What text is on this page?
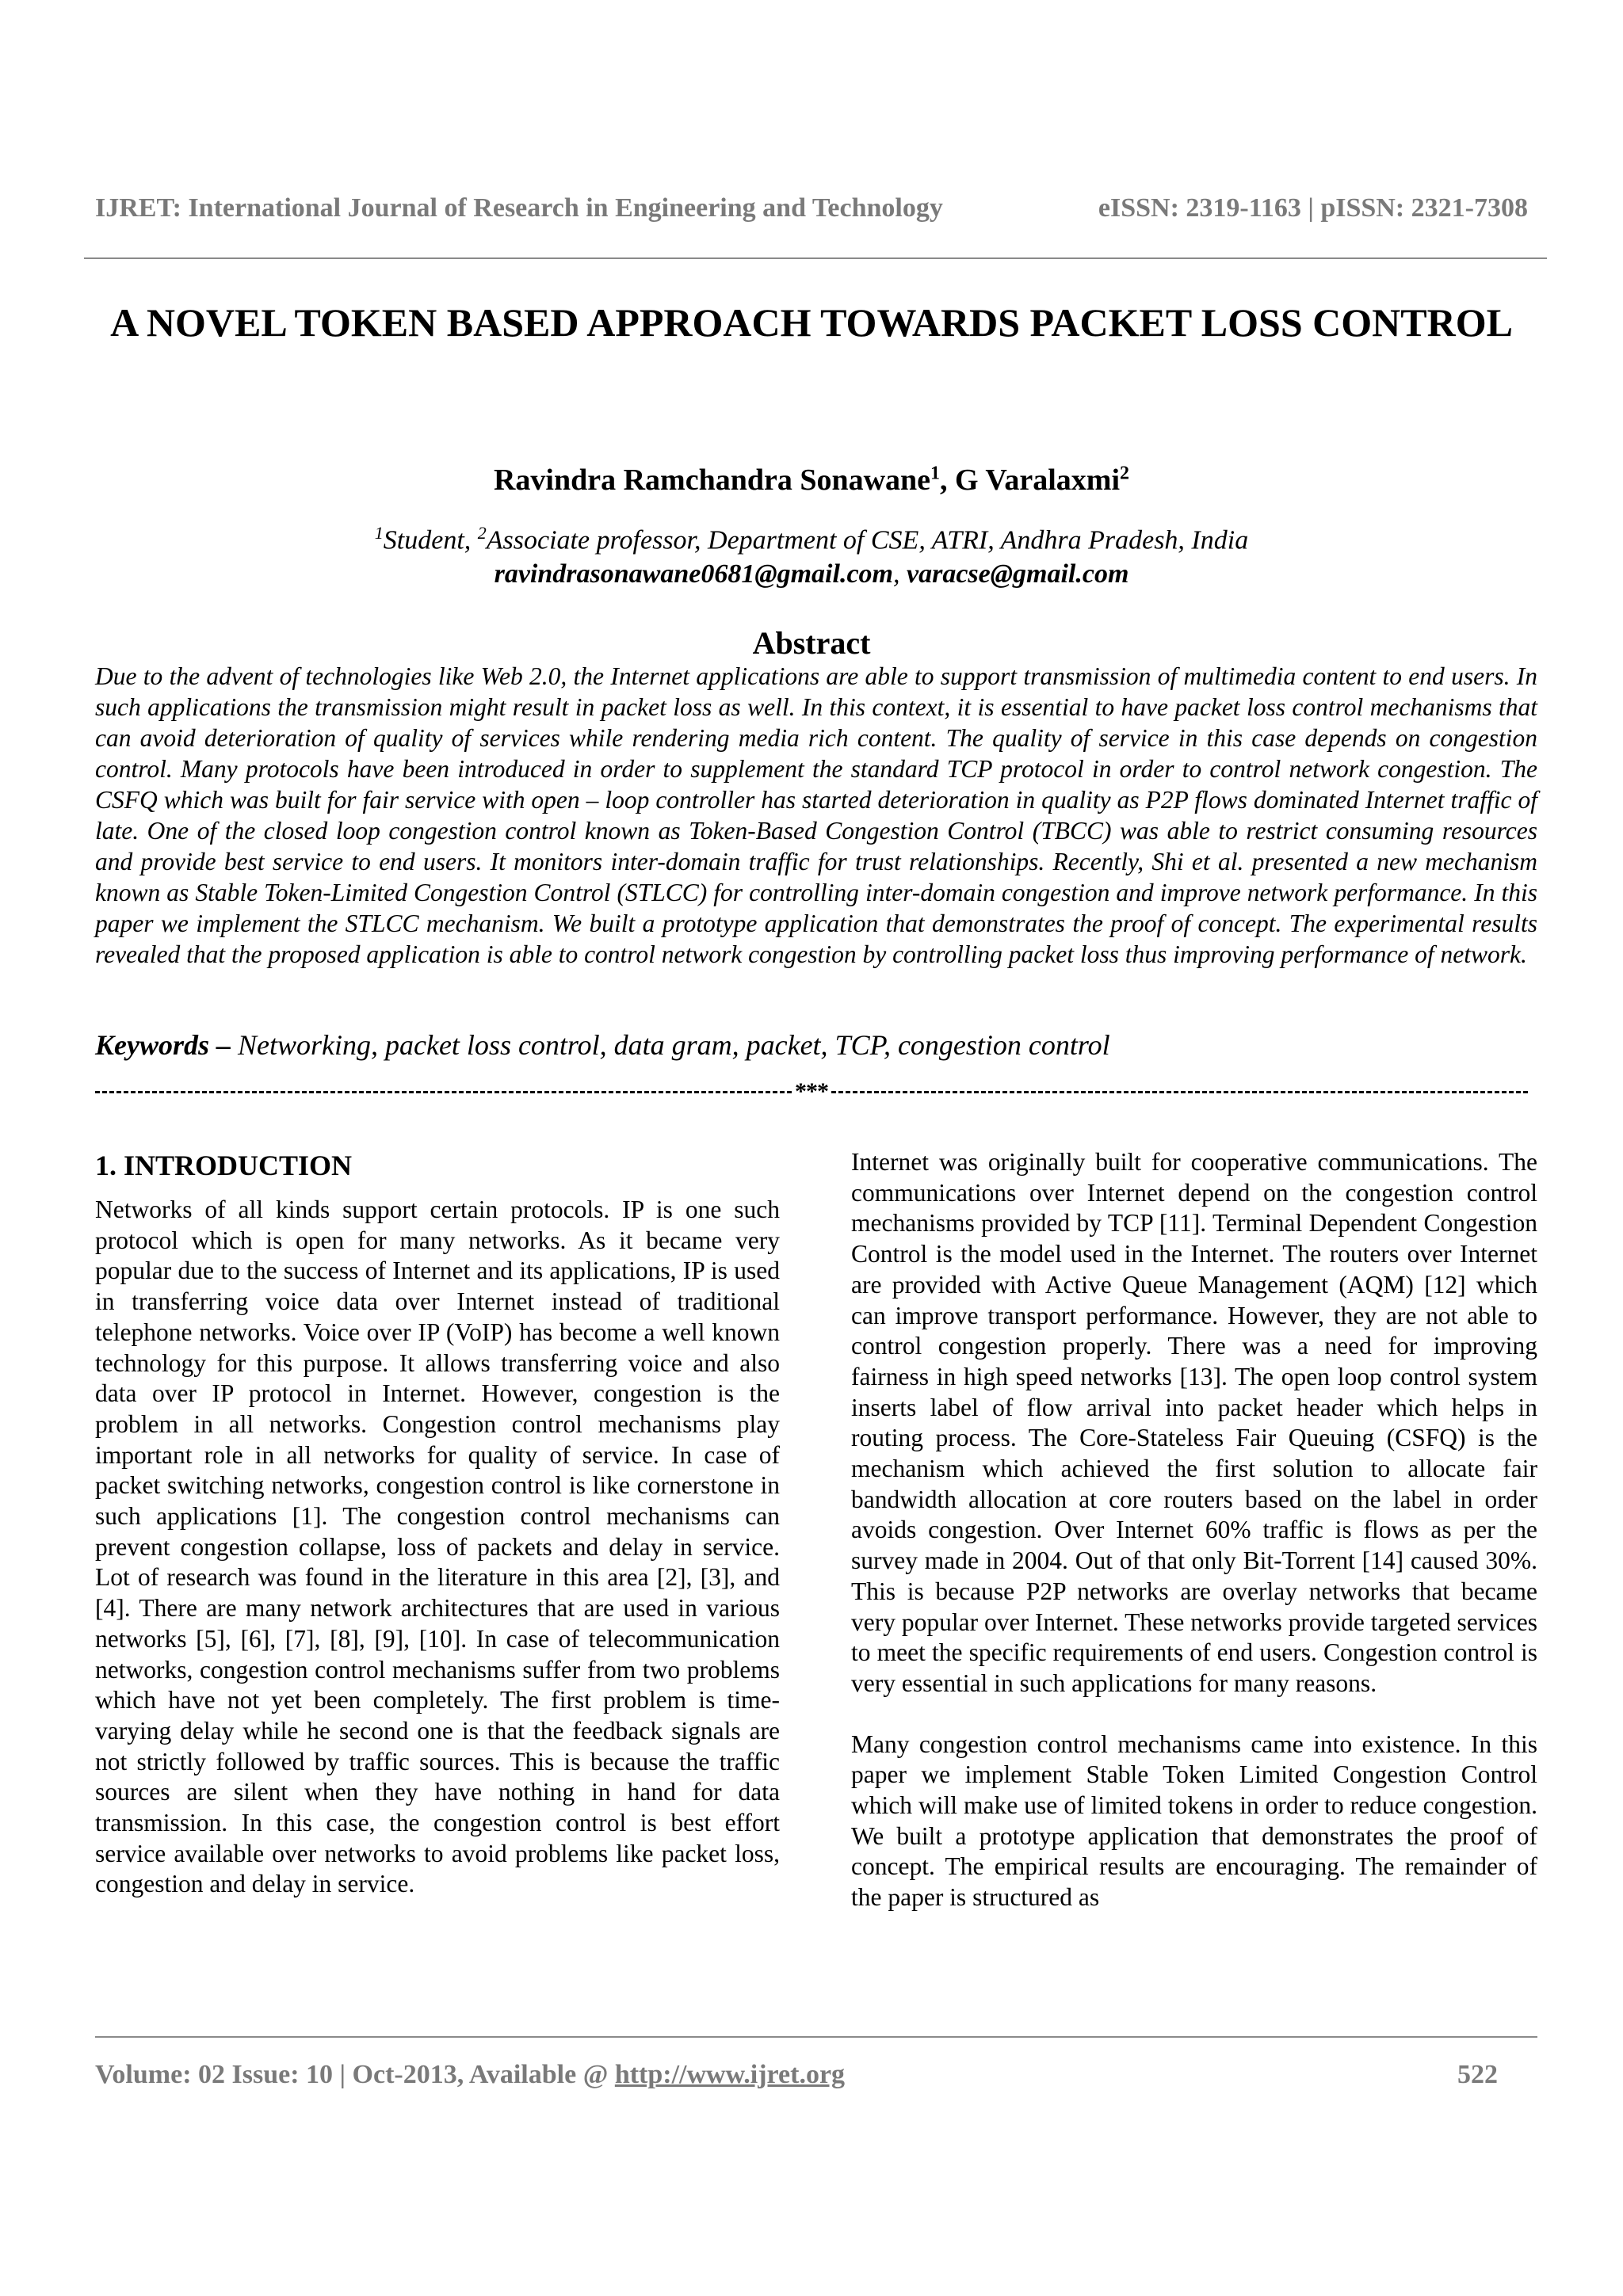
IJRET: International Journal of Research in Engineering and Technology	eISSN: 2319-1163 | pISSN: 2321-7308
A NOVEL TOKEN BASED APPROACH TOWARDS PACKET LOSS CONTROL
Ravindra Ramchandra Sonawane$^1$, G Varalaxmi$^2$
$^1$Student, $^2$Associate professor, Department of CSE, ATRI, Andhra Pradesh, India
ravindrasonawane0681@gmail.com, varacse@gmail.com
Abstract

Due to the advent of technologies like Web 2.0, the Internet applications are able to support transmission of multimedia content to end users. In such applications the transmission might result in packet loss as well. In this context, it is essential to have packet loss control mechanisms that can avoid deterioration of quality of services while rendering media rich content. The quality of service in this case depends on congestion control. Many protocols have been introduced in order to supplement the standard TCP protocol in order to control network congestion. The CSFQ which was built for fair service with open – loop controller has started deterioration in quality as P2P flows dominated Internet traffic of late. One of the closed loop congestion control known as Token-Based Congestion Control (TBCC) was able to restrict consuming resources and provide best service to end users. It monitors inter-domain traffic for trust relationships. Recently, Shi et al. presented a new mechanism known as Stable Token-Limited Congestion Control (STLCC) for controlling inter-domain congestion and improve network performance. In this paper we implement the STLCC mechanism. We built a prototype application that demonstrates the proof of concept. The experimental results revealed that the proposed application is able to control network congestion by controlling packet loss thus improving performance of network.

Keywords – Networking, packet loss control, data gram, packet, TCP, congestion control
***
1. INTRODUCTION

Networks of all kinds support certain protocols. IP is one such protocol which is open for many networks. As it became very popular due to the success of Internet and its applications, IP is used in transferring voice data over Internet instead of traditional telephone networks. Voice over IP (VoIP) has become a well known technology for this purpose. It allows transferring voice and also data over IP protocol in Internet. However, congestion is the problem in all networks. Congestion control mechanisms play important role in all networks for quality of service. In case of packet switching networks, congestion control is like cornerstone in such applications [1]. The congestion control mechanisms can prevent congestion collapse, loss of packets and delay in service. Lot of research was found in the literature in this area [2], [3], and [4]. There are many network architectures that are used in various networks [5], [6], [7], [8], [9], [10]. In case of telecommunication networks, congestion control mechanisms suffer from two problems which have not yet been completely. The first problem is time-varying delay while he second one is that the feedback signals are not strictly followed by traffic sources. This is because the traffic sources are silent when they have nothing in hand for data transmission. In this case, the congestion control is best effort service available over networks to avoid problems like packet loss, congestion and delay in service.

Internet was originally built for cooperative communications. The communications over Internet depend on the congestion control mechanisms provided by TCP [11]. Terminal Dependent Congestion Control is the model used in the Internet. The routers over Internet are provided with Active Queue Management (AQM) [12] which can improve transport performance. However, they are not able to control congestion properly. There was a need for improving fairness in high speed networks [13]. The open loop control system inserts label of flow arrival into packet header which helps in routing process. The Core-Stateless Fair Queuing (CSFQ) is the mechanism which achieved the first solution to allocate fair bandwidth allocation at core routers based on the label in order avoids congestion. Over Internet 60% traffic is flows as per the survey made in 2004. Out of that only Bit-Torrent [14] caused 30%. This is because P2P networks are overlay networks that became very popular over Internet. These networks provide targeted services to meet the specific requirements of end users. Congestion control is very essential in such applications for many reasons.

Many congestion control mechanisms came into existence. In this paper we implement Stable Token Limited Congestion Control which will make use of limited tokens in order to reduce congestion. We built a prototype application that demonstrates the proof of concept. The empirical results are encouraging. The remainder of the paper is structured as

Volume: 02 Issue: 10 | Oct-2013, Available @ http://www.ijret.org	522
